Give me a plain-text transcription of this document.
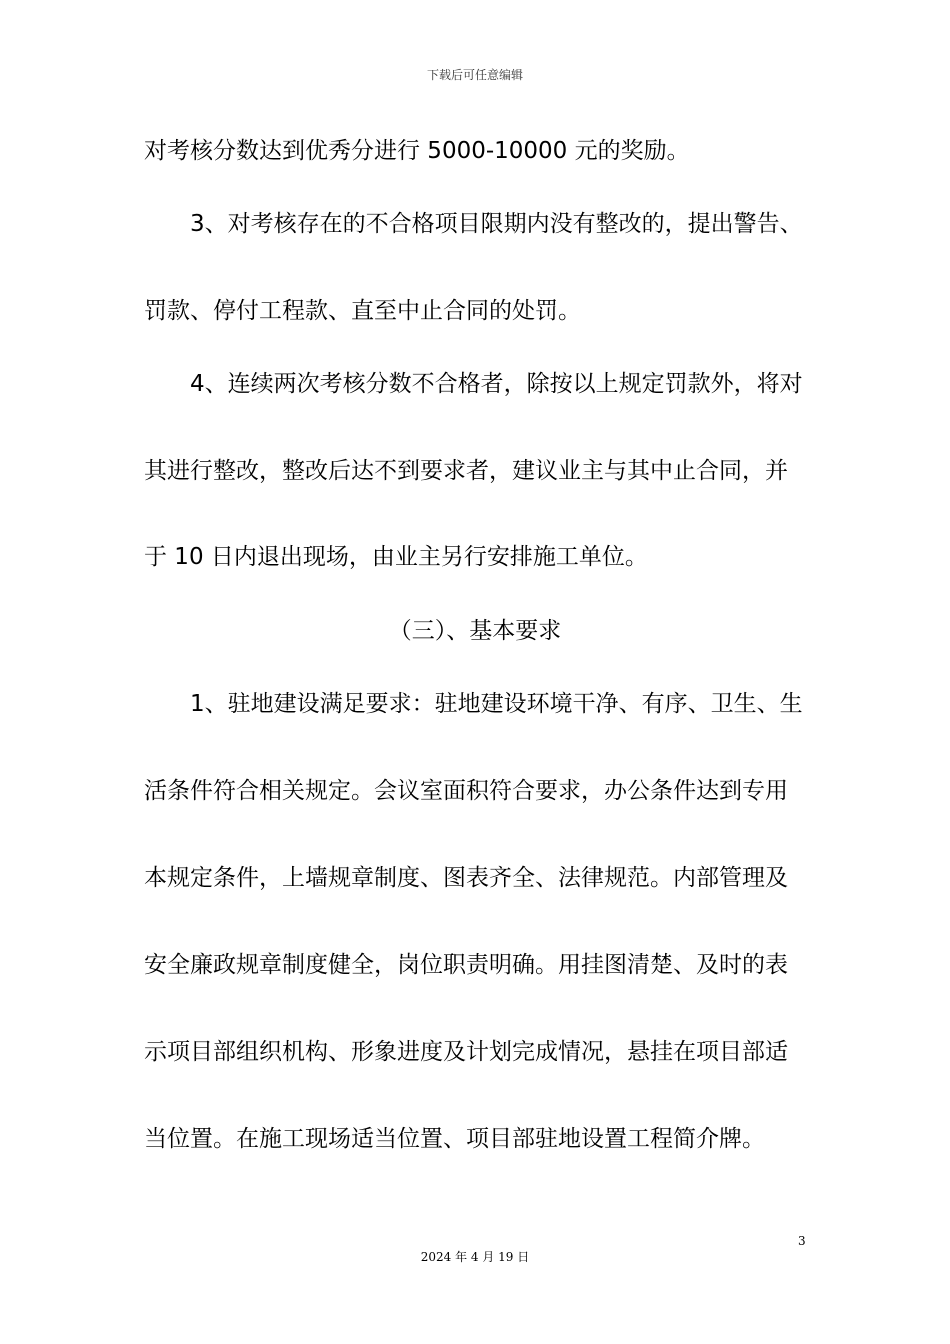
下载后可任意编辑
对考核分数达到优秀分进行 5000-10000 元的奖励。
3、对考核存在的不合格项目限期内没有整改的，提出警告、
罚款、停付工程款、直至中止合同的处罚。
4、连续两次考核分数不合格者，除按以上规定罚款外，将对
其进行整改，整改后达不到要求者，建议业主与其中止合同，并
于 10 日内退出现场，由业主另行安排施工单位。
（三）、基本要求
1、驻地建设满足要求：驻地建设环境干净、有序、卫生、生
活条件符合相关规定。会议室面积符合要求，办公条件达到专用
本规定条件，上墙规章制度、图表齐全、法律规范。内部管理及
安全廉政规章制度健全，岗位职责明确。用挂图清楚、及时的表
示项目部组织机构、形象进度及计划完成情况，悬挂在项目部适
当位置。在施工现场适当位置、项目部驻地设置工程简介牌。
3
2024 年 4 月 19 日
